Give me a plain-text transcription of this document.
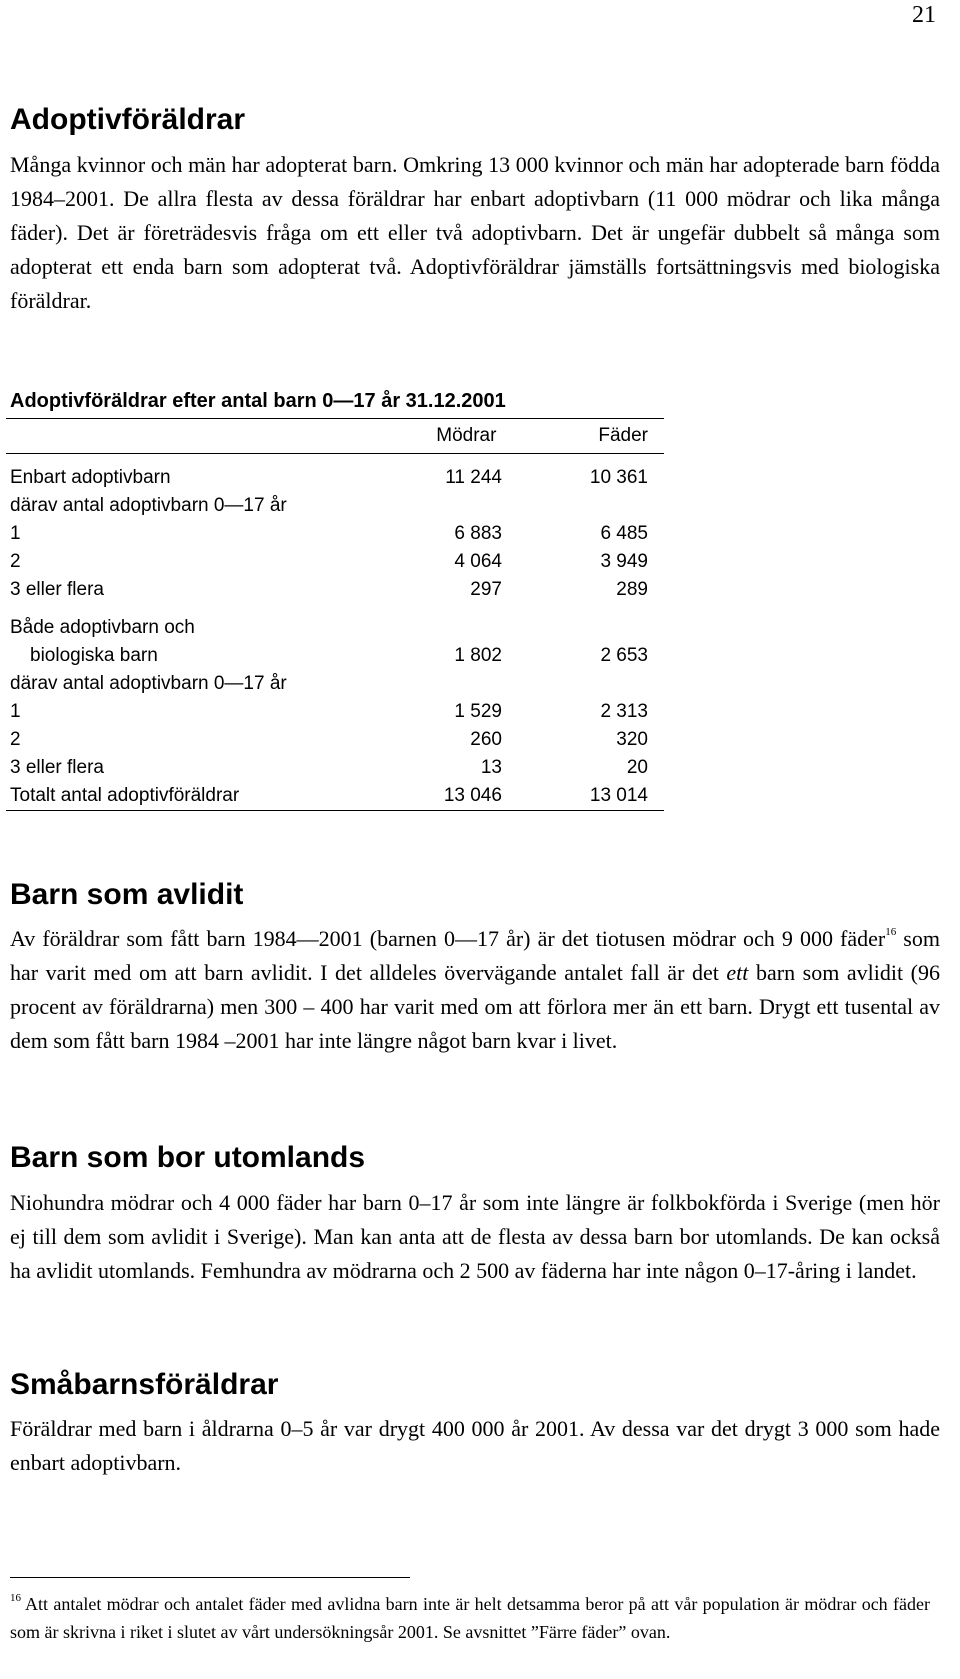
21
Adoptivföräldrar

Många kvinnor och män har adopterat barn. Omkring 13 000 kvinnor och män har adopterade barn födda 1984–2001. De allra flesta av dessa föräldrar har enbart adoptivbarn (11 000 mödrar och lika många fäder). Det är företrädesvis fråga om ett eller två adoptivbarn. Det är ungefär dubbelt så många som adopterat ett enda barn som adopterat två. Adoptivföräldrar jämställs fortsättningsvis med biologiska föräldrar.

Adoptivföräldrar efter antal barn 0—17 år 31.12.2001
	Mödrar	Fäder

Enbart adoptivbarn	11 244	10 361
därav antal adoptivbarn 0—17 år		
1	6 883	6 485
2	4 064	3 949
3 eller flera	297	289

Både adoptivbarn och		
biologiska barn	1 802	2 653
därav antal adoptivbarn 0—17 år		
1	1 529	2 313
2	260	320
3 eller flera	13	20
Totalt antal adoptivföräldrar	13 046	13 014
Barn som avlidit

Av föräldrar som fått barn 1984—2001 (barnen 0—17 år) är det tiotusen mödrar och 9 000 fäder$^{16}$ som har varit med om att barn avlidit. I det alldeles övervägande antalet fall är det ett barn som avlidit (96 procent av föräldrarna) men 300 – 400 har varit med om att förlora mer än ett barn. Drygt ett tusental av dem som fått barn 1984 –2001 har inte längre något barn kvar i livet.

Barn som bor utomlands

Niohundra mödrar och 4 000 fäder har barn 0–17 år som inte längre är folkbokförda i Sverige (men hör ej till dem som avlidit i Sverige). Man kan anta att de flesta av dessa barn bor utomlands. De kan också ha avlidit utomlands. Femhundra av mödrarna och 2 500 av fäderna har inte någon 0–17-åring i landet.

Småbarnsföräldrar

Föräldrar med barn i åldrarna 0–5 år var drygt 400 000 år 2001. Av dessa var det drygt 3 000 som hade enbart adoptivbarn.

$^{16}$ Att antalet mödrar och antalet fäder med avlidna barn inte är helt detsamma beror på att vår population är mödrar och fäder som är skrivna i riket i slutet av vårt undersökningsår 2001. Se avsnittet ”Färre fäder” ovan.
